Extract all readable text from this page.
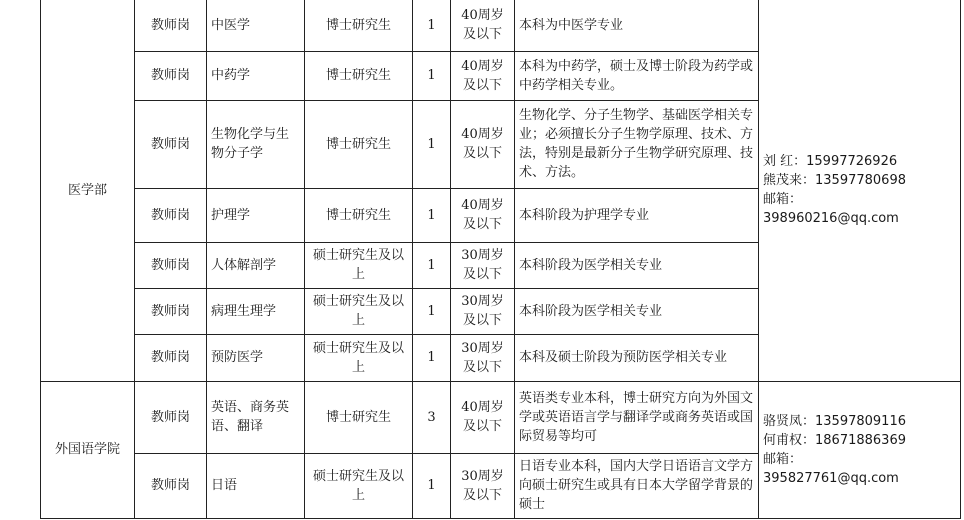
医学部	教师岗	中医学	博士研究生	1	40周岁及以下	本科为中医学专业	刘 红：15997726926
熊茂来：13597780698
邮箱：
398960216@qq.com

	教师岗	中药学	博士研究生	1	40周岁及以下	本科为中药学，硕士及博士阶段为药学或中药学相关专业。	
	教师岗	生物化学与生物分子学	博士研究生	1	40周岁及以下	生物化学、分子生物学、基础医学相关专业；必须擅长分子生物学原理、技术、方法，特别是最新分子生物学研究原理、技术、方法。	
	教师岗	护理学	博士研究生	1	40周岁及以下	本科阶段为护理学专业	
	教师岗	人体解剖学	硕士研究生及以上	1	30周岁及以下	本科阶段为医学相关专业	
	教师岗	病理生理学	硕士研究生及以上	1	30周岁及以下	本科阶段为医学相关专业	
	教师岗	预防医学	硕士研究生及以上	1	30周岁及以下	本科及硕士阶段为预防医学相关专业	
外国语学院	教师岗	英语、商务英语、翻译	博士研究生	3	40周岁及以下	英语类专业本科，博士研究方向为外国文学或英语语言学与翻译学或商务英语或国际贸易等均可	骆贤凤：13597809116
何甫权：18671886369
邮箱：
395827761@qq.com

	教师岗	日语	硕士研究生及以上	1	30周岁及以下	日语专业本科，国内大学日语语言文学方向硕士研究生或具有日本大学留学背景的硕士	
